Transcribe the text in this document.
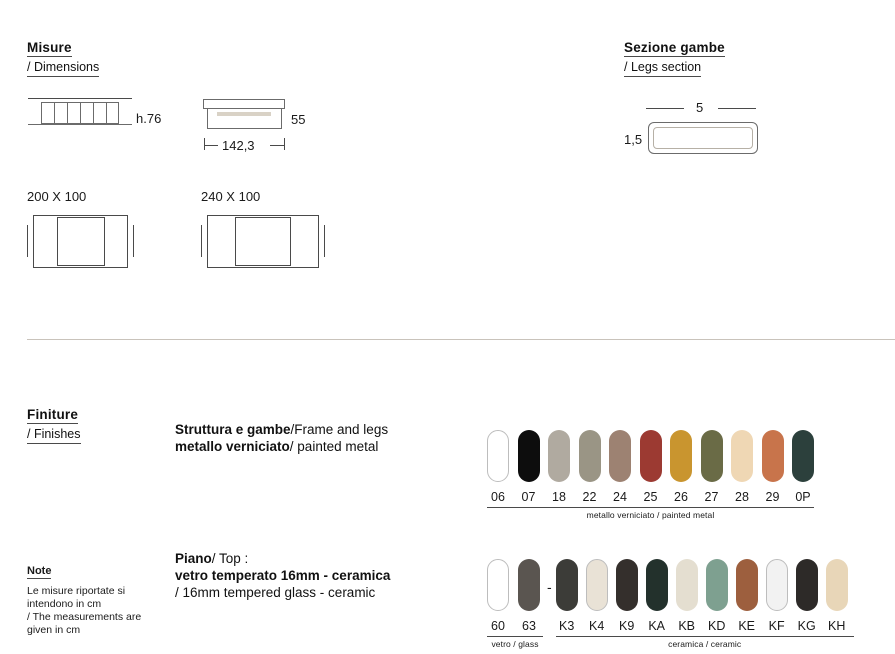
Misure
/ Dimensions
h.76	55
142,3
200 X 100	240 X 100
Sezione gambe
/ Legs section
5
1,5
Finiture
/ Finishes	Struttura e gambe/Frame and legs
metallo verniciato/ painted metal
Piano/ Top :
vetro temperato 16mm - ceramica
/ 16mm tempered glass - ceramic
Note
Le misure riportate si intendono in cm
/ The measurements are given in cm
06 07 18 22 24 25 26 27 28 29 0P
metallo verniciato / painted metal
60 63
vetro / glass
-
K3 K4 K9 KA KB KD KE KF KG KH
ceramica / ceramic
